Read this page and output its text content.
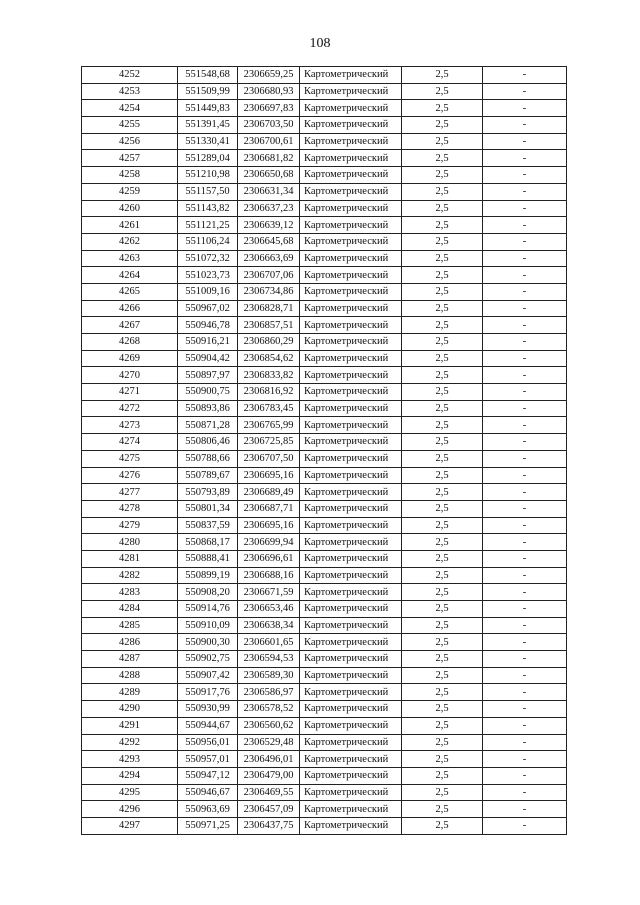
108
4252	551548,68	2306659,25	Картометрический	2,5	-
4253	551509,99	2306680,93	Картометрический	2,5	-
4254	551449,83	2306697,83	Картометрический	2,5	-
4255	551391,45	2306703,50	Картометрический	2,5	-
4256	551330,41	2306700,61	Картометрический	2,5	-
4257	551289,04	2306681,82	Картометрический	2,5	-
4258	551210,98	2306650,68	Картометрический	2,5	-
4259	551157,50	2306631,34	Картометрический	2,5	-
4260	551143,82	2306637,23	Картометрический	2,5	-
4261	551121,25	2306639,12	Картометрический	2,5	-
4262	551106,24	2306645,68	Картометрический	2,5	-
4263	551072,32	2306663,69	Картометрический	2,5	-
4264	551023,73	2306707,06	Картометрический	2,5	-
4265	551009,16	2306734,86	Картометрический	2,5	-
4266	550967,02	2306828,71	Картометрический	2,5	-
4267	550946,78	2306857,51	Картометрический	2,5	-
4268	550916,21	2306860,29	Картометрический	2,5	-
4269	550904,42	2306854,62	Картометрический	2,5	-
4270	550897,97	2306833,82	Картометрический	2,5	-
4271	550900,75	2306816,92	Картометрический	2,5	-
4272	550893,86	2306783,45	Картометрический	2,5	-
4273	550871,28	2306765,99	Картометрический	2,5	-
4274	550806,46	2306725,85	Картометрический	2,5	-
4275	550788,66	2306707,50	Картометрический	2,5	-
4276	550789,67	2306695,16	Картометрический	2,5	-
4277	550793,89	2306689,49	Картометрический	2,5	-
4278	550801,34	2306687,71	Картометрический	2,5	-
4279	550837,59	2306695,16	Картометрический	2,5	-
4280	550868,17	2306699,94	Картометрический	2,5	-
4281	550888,41	2306696,61	Картометрический	2,5	-
4282	550899,19	2306688,16	Картометрический	2,5	-
4283	550908,20	2306671,59	Картометрический	2,5	-
4284	550914,76	2306653,46	Картометрический	2,5	-
4285	550910,09	2306638,34	Картометрический	2,5	-
4286	550900,30	2306601,65	Картометрический	2,5	-
4287	550902,75	2306594,53	Картометрический	2,5	-
4288	550907,42	2306589,30	Картометрический	2,5	-
4289	550917,76	2306586,97	Картометрический	2,5	-
4290	550930,99	2306578,52	Картометрический	2,5	-
4291	550944,67	2306560,62	Картометрический	2,5	-
4292	550956,01	2306529,48	Картометрический	2,5	-
4293	550957,01	2306496,01	Картометрический	2,5	-
4294	550947,12	2306479,00	Картометрический	2,5	-
4295	550946,67	2306469,55	Картометрический	2,5	-
4296	550963,69	2306457,09	Картометрический	2,5	-
4297	550971,25	2306437,75	Картометрический	2,5	-
